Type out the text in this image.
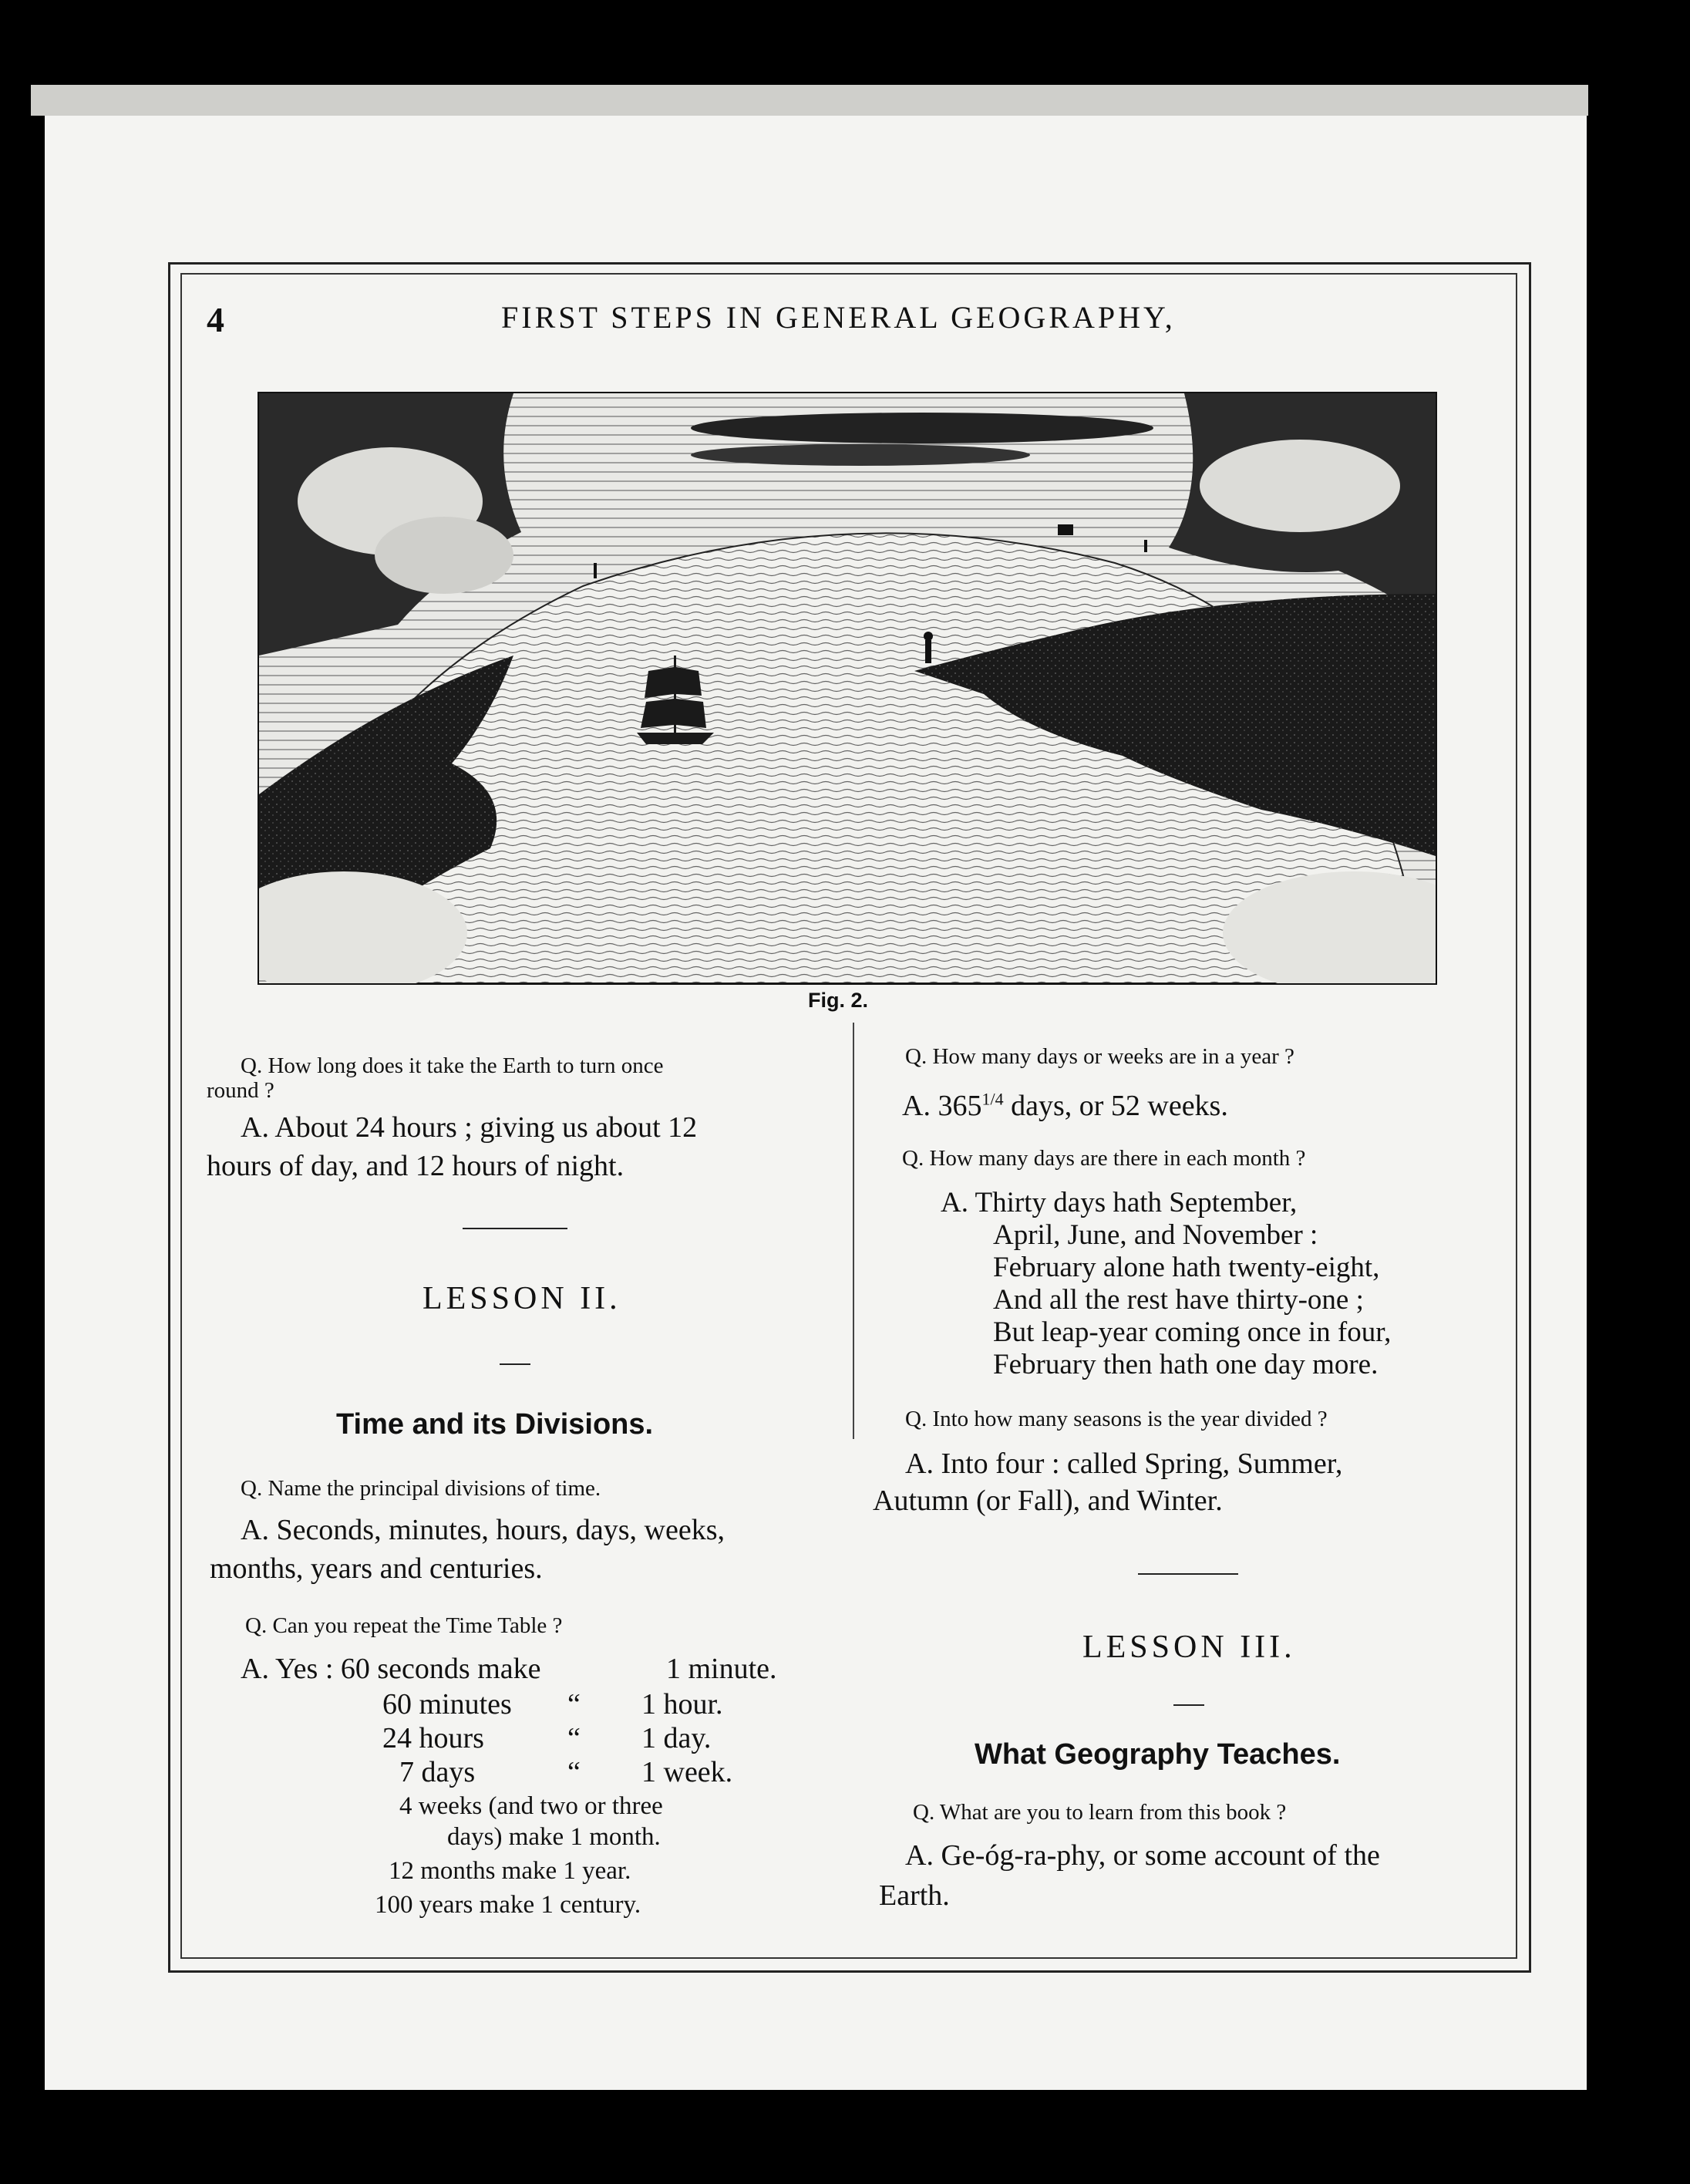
4	FIRST STEPS IN GENERAL GEOGRAPHY,
Fig. 2.
Q. How long does it take the Earth to turn once
round ?
A. About 24 hours ; giving us about 12
hours of day, and 12 hours of night.
LESSON II.
Time and its Divisions.
Q. Name the principal divisions of time.
A. Seconds, minutes, hours, days, weeks,
months, years and centuries.
Q. Can you repeat the Time Table ?
A. Yes : 60 seconds make	1 minute.
60 minutes “ 1 hour.
24 hours	“ 1 day.
7 days	“ 1 week.
4 weeks (and two or three
days) make 1 month.
12 months make 1 year.
100 years make 1 century.
Q. How many days or weeks are in a year ?
A. $365^{1/4}$ days, or 52 weeks.
Q. How many days are there in each month ?
A. Thirty days hath September,
April, June, and November :
February alone hath twenty-eight,
And all the rest have thirty-one ;
But leap-year coming once in four,
February then hath one day more.
Q. Into how many seasons is the year divided ?
A. Into four : called Spring, Summer,
Autumn (or Fall), and Winter.
LESSON III.
What Geography Teaches.
Q. What are you to learn from this book ?
A. Ge-óg-ra-phy, or some account of the
Earth.
